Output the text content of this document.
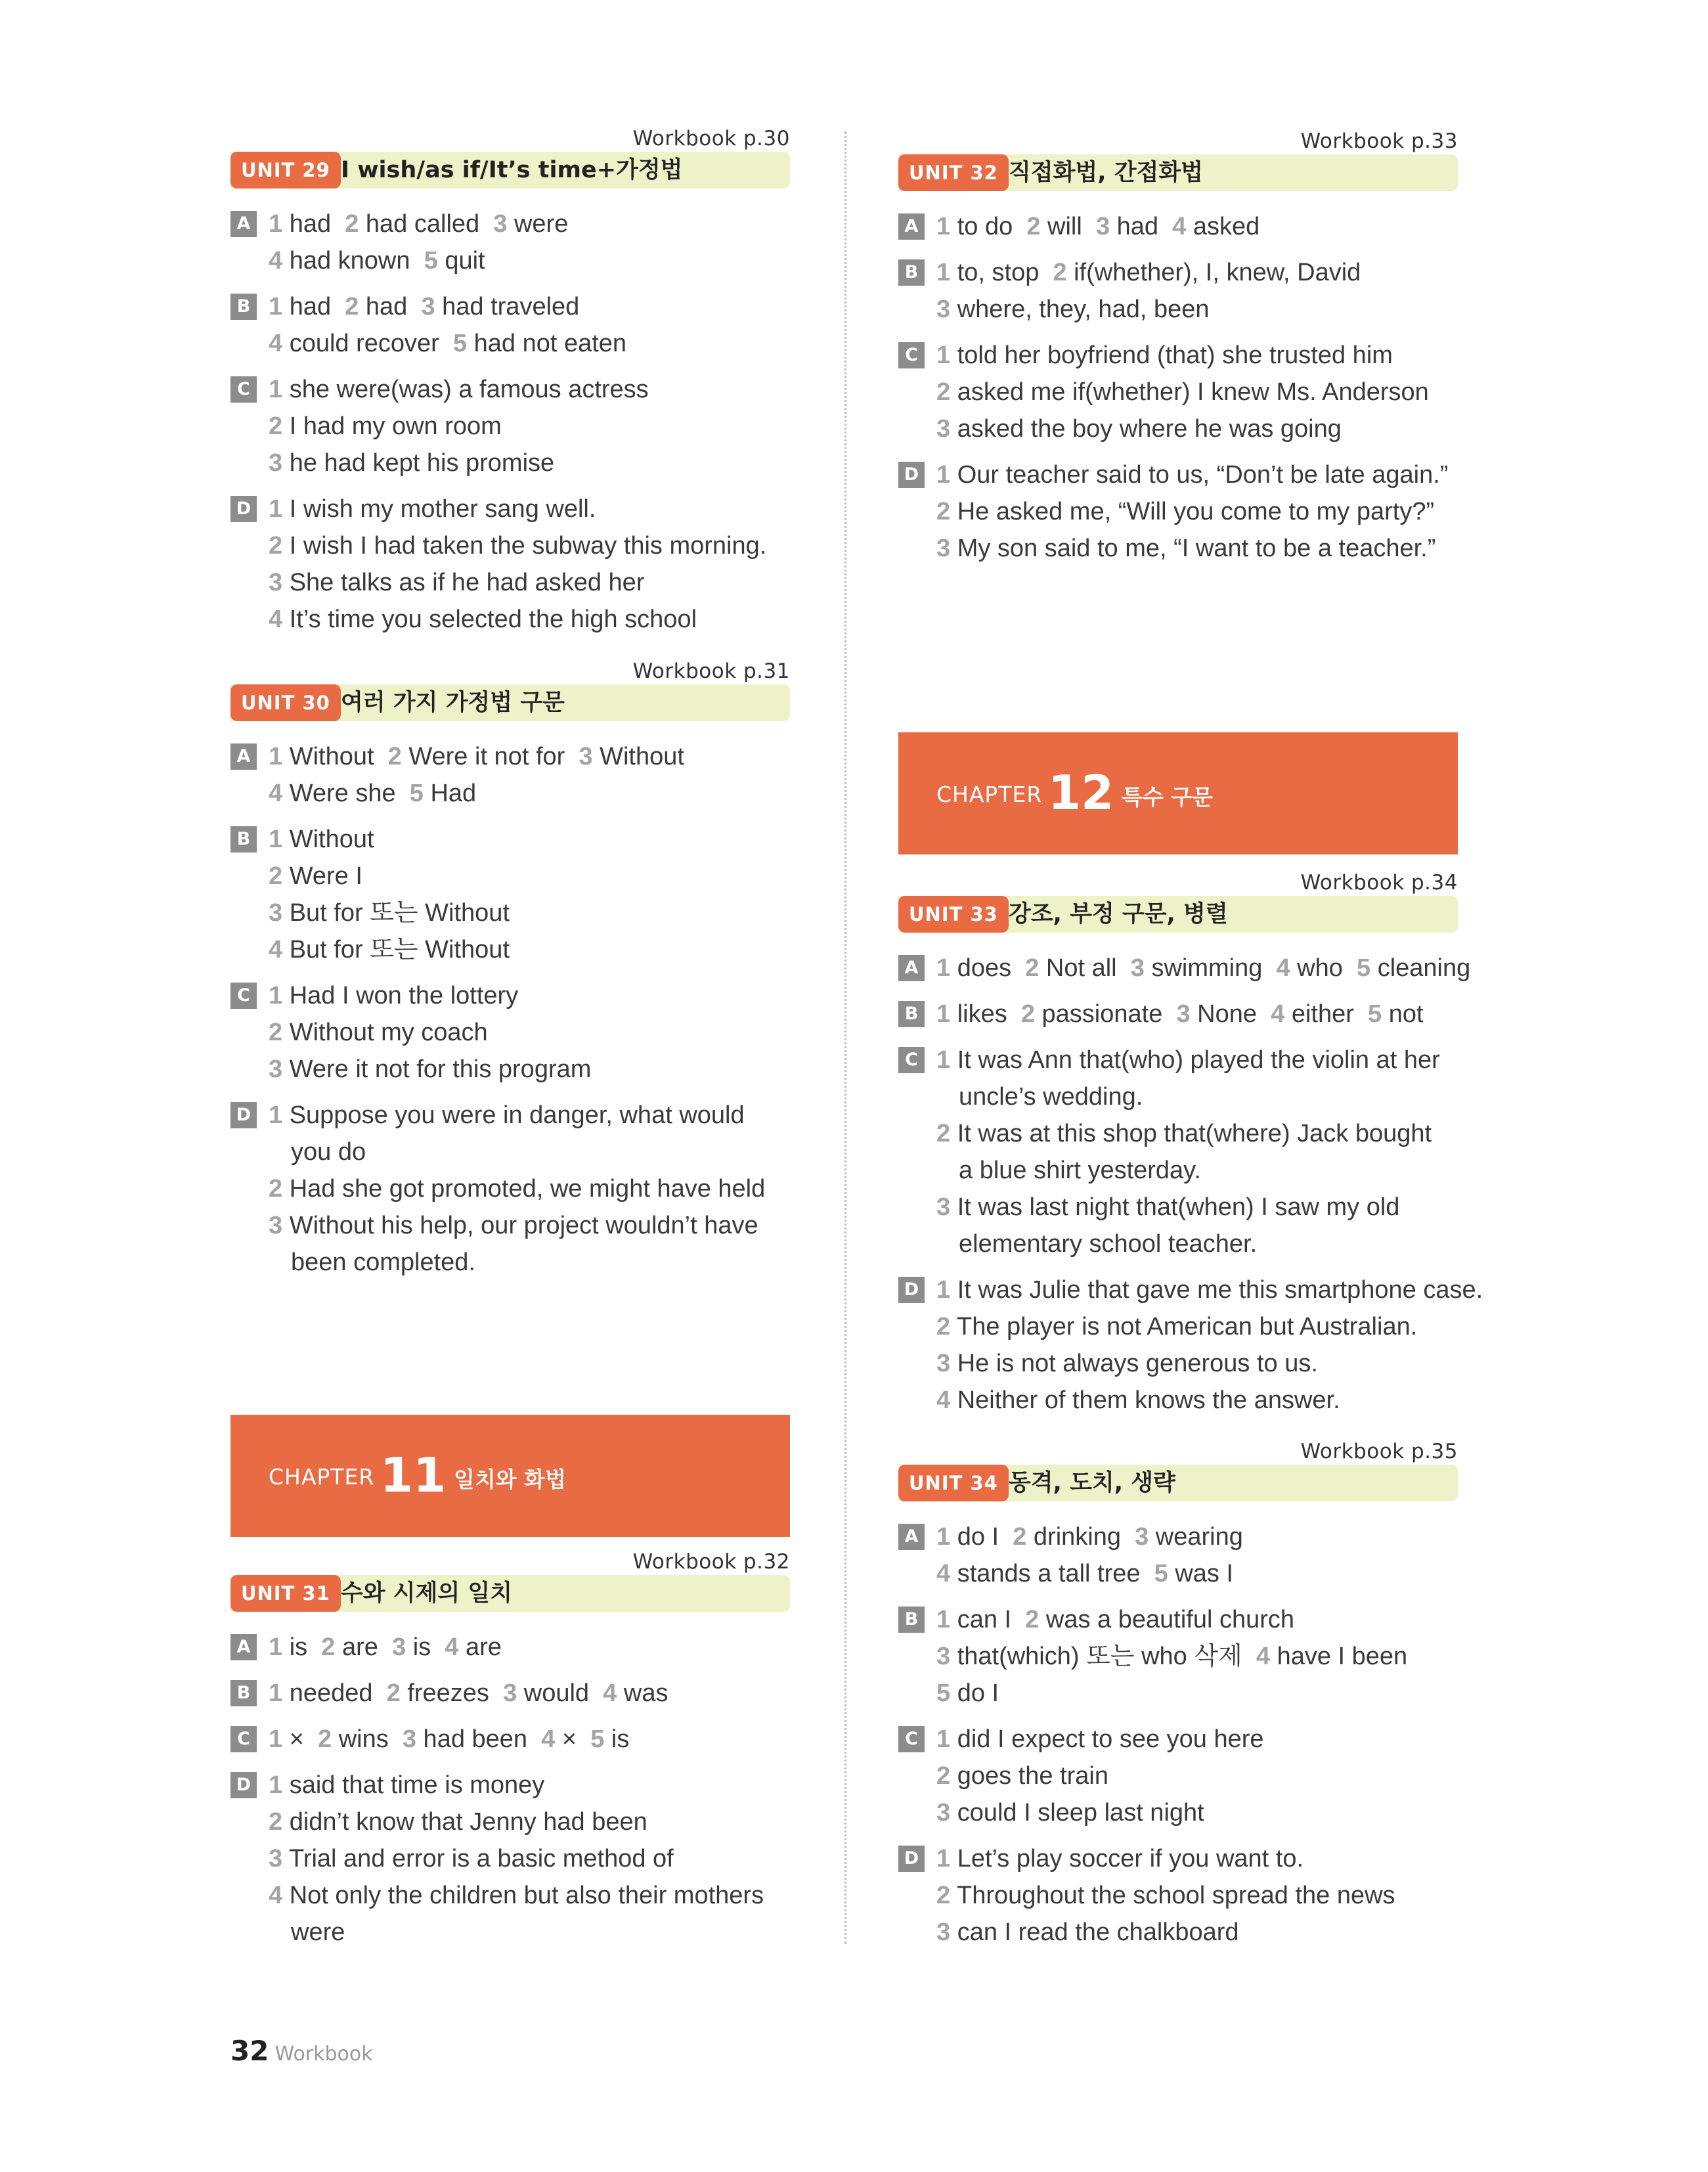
Workbook p.30
UNIT 29 I wish/as if/It’s time+가정법
A 1 had  2 had called  3 were
4 had known  5 quit
B 1 had  2 had  3 had traveled
4 could recover  5 had not eaten
C 1 she were(was) a famous actress
2 I had my own room
3 he had kept his promise
D 1 I wish my mother sang well.
2 I wish I had taken the subway this morning.
3 She talks as if he had asked her
4 It’s time you selected the high school
Workbook p.31
UNIT 30 여러 가지 가정법 구문
A 1 Without  2 Were it not for  3 Without
4 Were she  5 Had
B 1 Without
2 Were I
3 But for 또는 Without
4 But for 또는 Without
C 1 Had I won the lottery
2 Without my coach
3 Were it not for this program
D 1 Suppose you were in danger, what would
you do
2 Had she got promoted, we might have held
3 Without his help, our project wouldn’t have
been completed.
CHAPTER 11 일치와 화법
Workbook p.32
UNIT 31 수와 시제의 일치
A 1 is  2 are  3 is  4 are
B 1 needed  2 freezes  3 would  4 was
C 1 ×  2 wins  3 had been  4 ×  5 is
D 1 said that time is money
2 didn’t know that Jenny had been
3 Trial and error is a basic method of
4 Not only the children but also their mothers
were
Workbook p.33
UNIT 32 직접화법, 간접화법
A 1 to do  2 will  3 had  4 asked
B 1 to, stop  2 if(whether), I, knew, David
3 where, they, had, been
C 1 told her boyfriend (that) she trusted him
2 asked me if(whether) I knew Ms. Anderson
3 asked the boy where he was going
D 1 Our teacher said to us, “Don’t be late again.”
2 He asked me, “Will you come to my party?”
3 My son said to me, “I want to be a teacher.”
CHAPTER 12 특수 구문
Workbook p.34
UNIT 33 강조, 부정 구문, 병렬
A 1 does  2 Not all  3 swimming  4 who  5 cleaning
B 1 likes  2 passionate  3 None  4 either  5 not
C 1 It was Ann that(who) played the violin at her
uncle’s wedding.
2 It was at this shop that(where) Jack bought
a blue shirt yesterday.
3 It was last night that(when) I saw my old
elementary school teacher.
D 1 It was Julie that gave me this smartphone case.
2 The player is not American but Australian.
3 He is not always generous to us.
4 Neither of them knows the answer.
Workbook p.35
UNIT 34 동격, 도치, 생략
A 1 do I  2 drinking  3 wearing
4 stands a tall tree  5 was I
B 1 can I  2 was a beautiful church
3 that(which) 또는 who 삭제  4 have I been
5 do I
C 1 did I expect to see you here
2 goes the train
3 could I sleep last night
D 1 Let’s play soccer if you want to.
2 Throughout the school spread the news
3 can I read the chalkboard
32 Workbook
